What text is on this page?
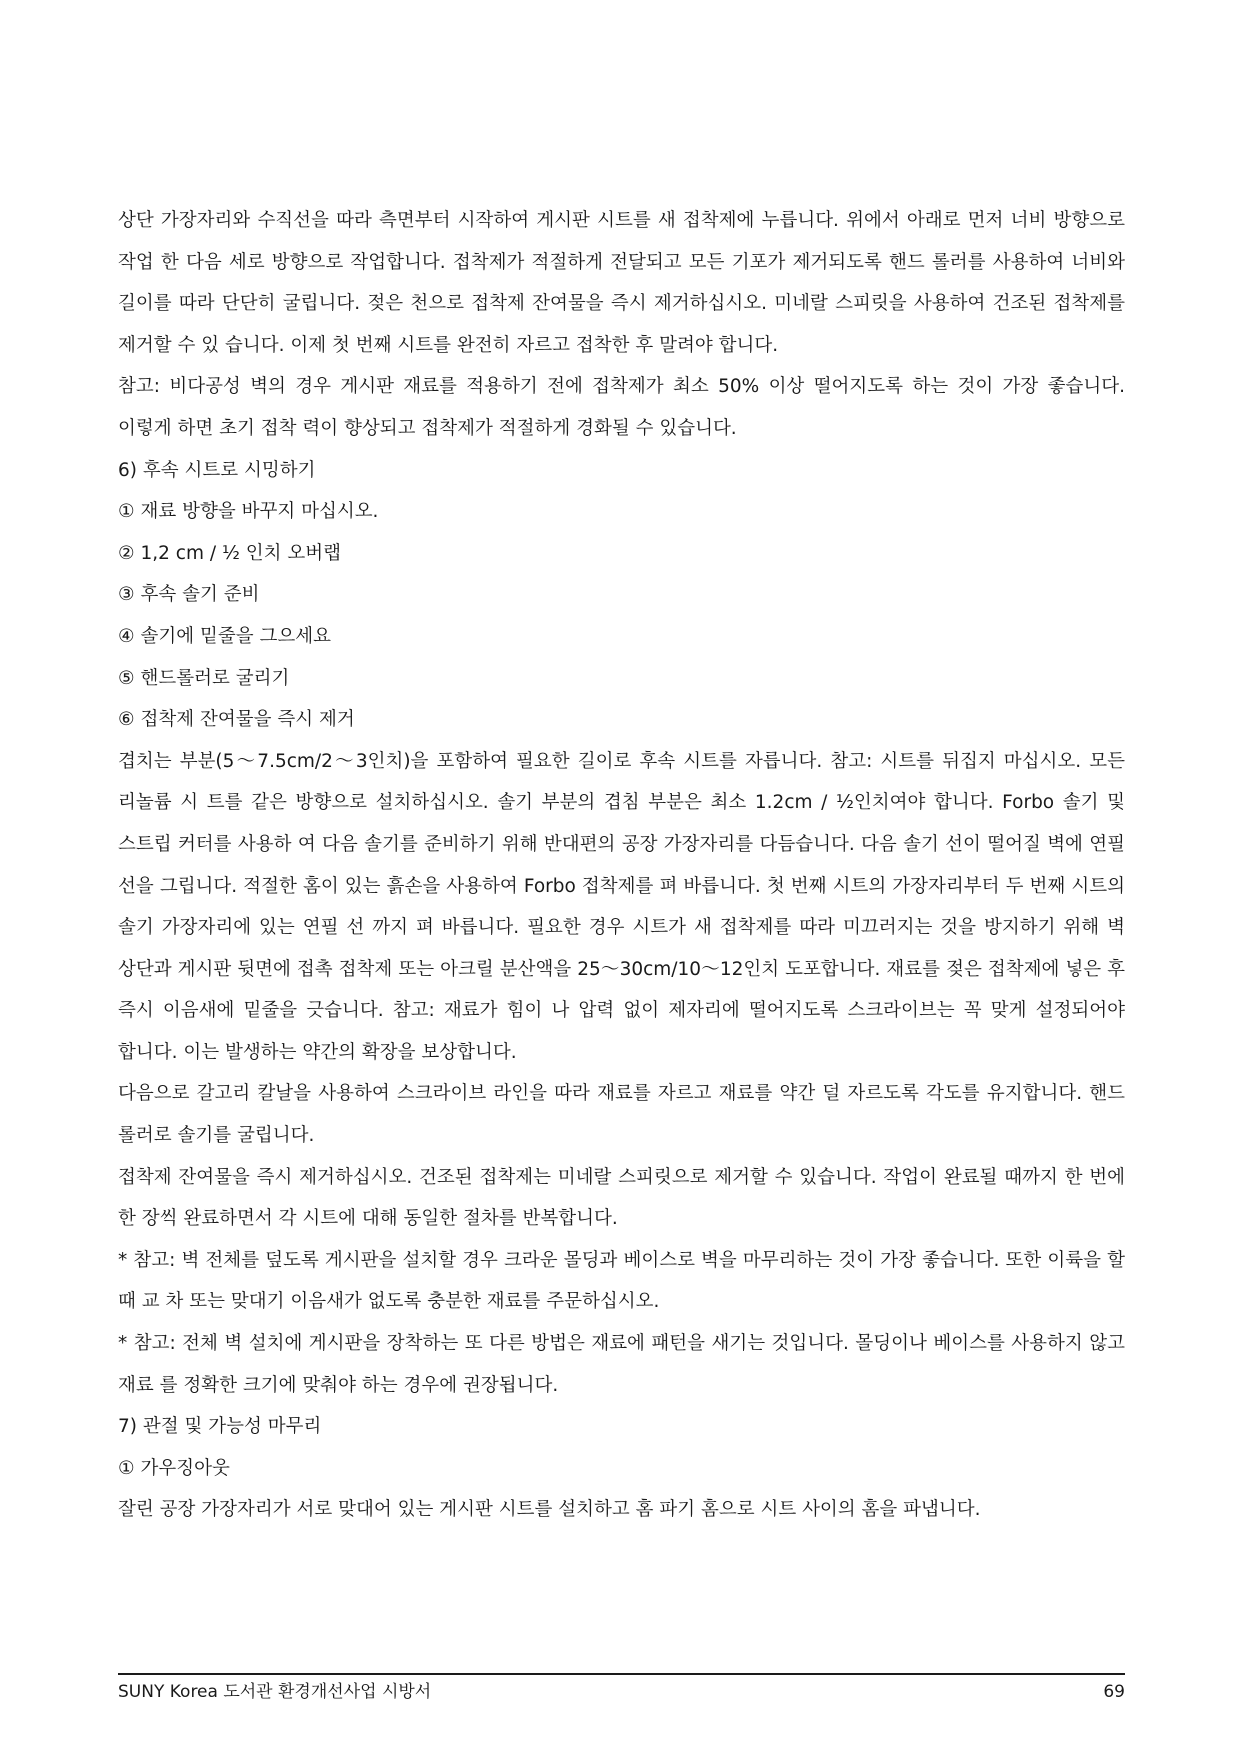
상단 가장자리와 수직선을 따라 측면부터 시작하여 게시판 시트를 새 접착제에 누릅니다. 위에서 아래로 먼저 너비 방향으로 작업 한 다음 세로 방향으로 작업합니다. 접착제가 적절하게 전달되고 모든 기포가 제거되도록 핸드 롤러를 사용하여 너비와 길이를 따라 단단히 굴립니다. 젖은 천으로 접착제 잔여물을 즉시 제거하십시오. 미네랄 스피릿을 사용하여 건조된 접착제를 제거할 수 있 습니다. 이제 첫 번째 시트를 완전히 자르고 접착한 후 말려야 합니다.

참고: 비다공성 벽의 경우 게시판 재료를 적용하기 전에 접착제가 최소 50% 이상 떨어지도록 하는 것이 가장 좋습니다. 이렇게 하면 초기 접착 력이 향상되고 접착제가 적절하게 경화될 수 있습니다.

6) 후속 시트로 시밍하기

① 재료 방향을 바꾸지 마십시오.

② 1,2 cm / ½ 인치 오버랩

③ 후속 솔기 준비

④ 솔기에 밑줄을 그으세요

⑤ 핸드롤러로 굴리기

⑥ 접착제 잔여물을 즉시 제거

겹치는 부분(5～7.5cm/2～3인치)을 포함하여 필요한 길이로 후속 시트를 자릅니다. 참고: 시트를 뒤집지 마십시오. 모든 리놀륨 시 트를 같은 방향으로 설치하십시오. 솔기 부분의 겹침 부분은 최소 1.2cm / ½인치여야 합니다. Forbo 솔기 및 스트립 커터를 사용하 여 다음 솔기를 준비하기 위해 반대편의 공장 가장자리를 다듬습니다. 다음 솔기 선이 떨어질 벽에 연필 선을 그립니다. 적절한 홈이 있는 흙손을 사용하여 Forbo 접착제를 펴 바릅니다. 첫 번째 시트의 가장자리부터 두 번째 시트의 솔기 가장자리에 있는 연필 선 까지 펴 바릅니다. 필요한 경우 시트가 새 접착제를 따라 미끄러지는 것을 방지하기 위해 벽 상단과 게시판 뒷면에 접촉 접착제 또는 아크릴 분산액을 25～30cm/10～12인치 도포합니다. 재료를 젖은 접착제에 넣은 후 즉시 이음새에 밑줄을 긋습니다. 참고: 재료가 힘이 나 압력 없이 제자리에 떨어지도록 스크라이브는 꼭 맞게 설정되어야 합니다. 이는 발생하는 약간의 확장을 보상합니다.

다음으로 갈고리 칼날을 사용하여 스크라이브 라인을 따라 재료를 자르고 재료를 약간 덜 자르도록 각도를 유지합니다. 핸드 롤러로 솔기를 굴립니다.

접착제 잔여물을 즉시 제거하십시오. 건조된 접착제는 미네랄 스피릿으로 제거할 수 있습니다. 작업이 완료될 때까지 한 번에 한 장씩 완료하면서 각 시트에 대해 동일한 절차를 반복합니다.

* 참고: 벽 전체를 덮도록 게시판을 설치할 경우 크라운 몰딩과 베이스로 벽을 마무리하는 것이 가장 좋습니다. 또한 이륙을 할 때 교 차 또는 맞대기 이음새가 없도록 충분한 재료를 주문하십시오.

* 참고: 전체 벽 설치에 게시판을 장착하는 또 다른 방법은 재료에 패턴을 새기는 것입니다. 몰딩이나 베이스를 사용하지 않고 재료 를 정확한 크기에 맞춰야 하는 경우에 권장됩니다.

7) 관절 및 가능성 마무리

① 가우징아웃

잘린 공장 가장자리가 서로 맞대어 있는 게시판 시트를 설치하고 홈 파기 홈으로 시트 사이의 홈을 파냅니다.

SUNY Korea 도서관 환경개선사업 시방서	69
